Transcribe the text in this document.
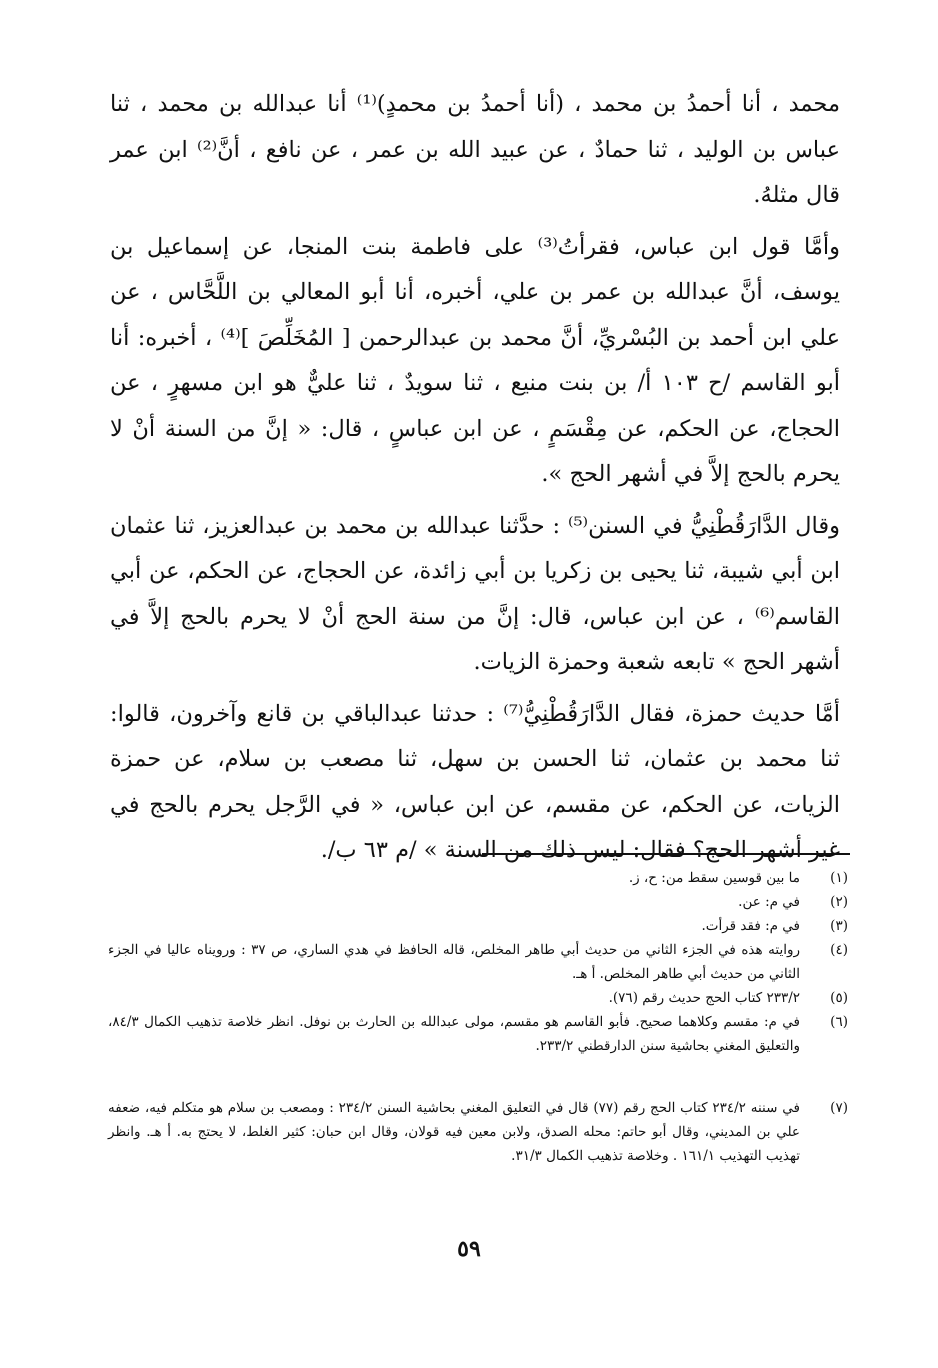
محمد ، أنا أحمدُ بن محمد ، (أنا أحمدُ بن محمدٍ)⁽¹⁾ أنا عبدالله بن محمد ، ثنا عباس بن الوليد ، ثنا حمادٌ ، عن عبيد الله بن عمر ، عن نافع ، أنَّ⁽²⁾ ابن عمر قال مثلهُ.

وأمَّا قول ابن عباس، فقرأتُ⁽³⁾ على فاطمة بنت المنجا، عن إسماعيل بن يوسف، أنَّ عبدالله بن عمر بن علي، أخبره، أنا أبو المعالي بن اللَّحَّاس ، عن علي ابن أحمد بن البُسْريِّ، أنَّ محمد بن عبدالرحمن [ المُخَلِّصَ ]⁽⁴⁾ ، أخبره: أنا أبو القاسم /ح ١٠٣ أ/ بن بنت منيع ، ثنا سويدٌ ، ثنا عليٌّ هو ابن مسهرٍ ، عن الحجاج، عن الحكم، عن مِقْسَمٍ ، عن ابن عباسٍ ، قال: « إنَّ من السنة أنْ لا يحرم بالحج إلاَّ في أشهر الحج ».

وقال الدَّارَقُطْنِيُّ في السنن⁽⁵⁾ : حدَّثنا عبدالله بن محمد بن عبدالعزيز، ثنا عثمان ابن أبي شيبة، ثنا يحيى بن زكريا بن أبي زائدة، عن الحجاج، عن الحكم، عن أبي القاسم⁽⁶⁾ ، عن ابن عباس، قال: إنَّ من سنة الحج أنْ لا يحرم بالحج إلاَّ في أشهر الحج » تابعه شعبة وحمزة الزيات.

أمَّا حديث حمزة، فقال الدَّارَقُطْنِيُّ⁽⁷⁾ : حدثنا عبدالباقي بن قانع وآخرون، قالوا: ثنا محمد بن عثمان، ثنا الحسن بن سهل، ثنا مصعب بن سلام، عن حمزة الزيات، عن الحكم، عن مقسم، عن ابن عباس، « في الرَّجل يحرم بالحج في غير أشهر الحج؟ فقال: ليس ذلك من السنة » /م ٦٣ ب/.

(١)
ما بين قوسين سقط من: ح، ز.
(٢)
في م: عن.
(٣)
في م: فقد قرأت.
(٤)
روايته هذه في الجزء الثاني من حديث أبي طاهر المخلص، قاله الحافظ في هدي الساري، ص ٣٧ : ورويناه عاليا في الجزء الثاني من حديث أبي طاهر المخلص. أ هـ.
(٥)
٢٣٣/٢ كتاب الحج حديث رقم (٧٦).
(٦)
في م: مقسم وكلاهما صحيح. فأبو القاسم هو مقسم، مولى عبدالله بن الحارث بن نوفل. انظر خلاصة تذهيب الكمال ٨٤/٣، والتعليق المغني بحاشية سنن الدارقطني ٢٣٣/٢.
(٧)
في سننه ٢٣٤/٢ كتاب الحج رقم (٧٧) قال في التعليق المغني بحاشية السنن ٢٣٤/٢ : ومصعب بن سلام هو متكلم فيه، ضعفه علي بن المديني، وقال أبو حاتم: محله الصدق، ولابن معين فيه قولان، وقال ابن حبان: كثير الغلط، لا يحتج به. أ هـ. وانظر تهذيب التهذيب ١٦١/١ . وخلاصة تذهيب الكمال ٣١/٣.
٥٩
